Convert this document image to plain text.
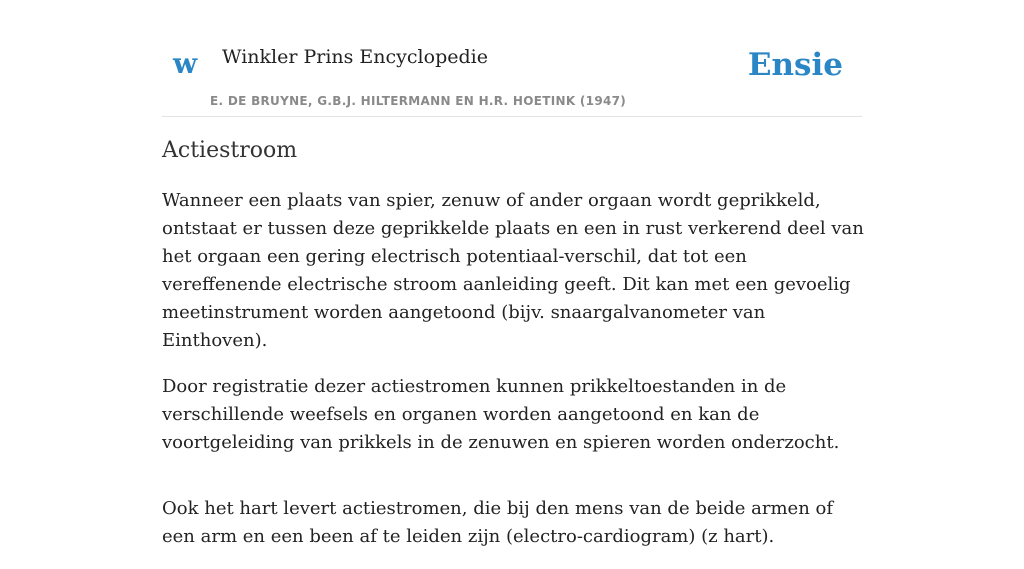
w Winkler Prins Encyclopedie
E. DE BRUYNE, G.B.J. HILTERMANN EN H.R. HOETINK (1947)
Ensie
Actiestroom

Wanneer een plaats van spier, zenuw of ander orgaan wordt geprikkeld, ontstaat er tussen deze geprikkelde plaats en een in rust verkerend deel van het orgaan een gering electrisch potentiaal-verschil, dat tot een vereffenende electrische stroom aanleiding geeft. Dit kan met een gevoelig meetinstrument worden aangetoond (bijv. snaargalvanometer van Einthoven).

Door registratie dezer actiestromen kunnen prikkeltoestanden in de verschillende weefsels en organen worden aangetoond en kan de voortgeleiding van prikkels in de zenuwen en spieren worden onderzocht.

Ook het hart levert actiestromen, die bij den mens van de beide armen of een arm en een been af te leiden zijn (electro-cardiogram) (z hart).
